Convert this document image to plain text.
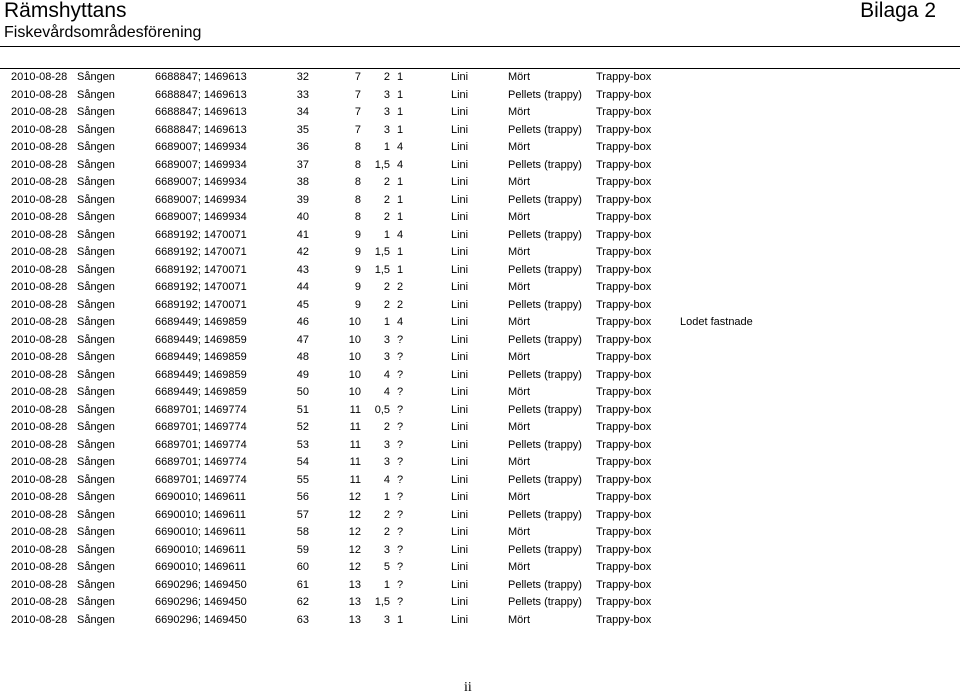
Rämshyttans
Fiskevårdsområdesförening
Bilaga 2
2010-08-28	Sången	6688847; 1469613	32	7	2	1	Lini	Mört	Trappy-box	
2010-08-28	Sången	6688847; 1469613	33	7	3	1	Lini	Pellets (trappy)	Trappy-box	
2010-08-28	Sången	6688847; 1469613	34	7	3	1	Lini	Mört	Trappy-box	
2010-08-28	Sången	6688847; 1469613	35	7	3	1	Lini	Pellets (trappy)	Trappy-box	
2010-08-28	Sången	6689007; 1469934	36	8	1	4	Lini	Mört	Trappy-box	
2010-08-28	Sången	6689007; 1469934	37	8	1,5	4	Lini	Pellets (trappy)	Trappy-box	
2010-08-28	Sången	6689007; 1469934	38	8	2	1	Lini	Mört	Trappy-box	
2010-08-28	Sången	6689007; 1469934	39	8	2	1	Lini	Pellets (trappy)	Trappy-box	
2010-08-28	Sången	6689007; 1469934	40	8	2	1	Lini	Mört	Trappy-box	
2010-08-28	Sången	6689192; 1470071	41	9	1	4	Lini	Pellets (trappy)	Trappy-box	
2010-08-28	Sången	6689192; 1470071	42	9	1,5	1	Lini	Mört	Trappy-box	
2010-08-28	Sången	6689192; 1470071	43	9	1,5	1	Lini	Pellets (trappy)	Trappy-box	
2010-08-28	Sången	6689192; 1470071	44	9	2	2	Lini	Mört	Trappy-box	
2010-08-28	Sången	6689192; 1470071	45	9	2	2	Lini	Pellets (trappy)	Trappy-box	
2010-08-28	Sången	6689449; 1469859	46	10	1	4	Lini	Mört	Trappy-box	Lodet fastnade
2010-08-28	Sången	6689449; 1469859	47	10	3	?	Lini	Pellets (trappy)	Trappy-box	
2010-08-28	Sången	6689449; 1469859	48	10	3	?	Lini	Mört	Trappy-box	
2010-08-28	Sången	6689449; 1469859	49	10	4	?	Lini	Pellets (trappy)	Trappy-box	
2010-08-28	Sången	6689449; 1469859	50	10	4	?	Lini	Mört	Trappy-box	
2010-08-28	Sången	6689701; 1469774	51	11	0,5	?	Lini	Pellets (trappy)	Trappy-box	
2010-08-28	Sången	6689701; 1469774	52	11	2	?	Lini	Mört	Trappy-box	
2010-08-28	Sången	6689701; 1469774	53	11	3	?	Lini	Pellets (trappy)	Trappy-box	
2010-08-28	Sången	6689701; 1469774	54	11	3	?	Lini	Mört	Trappy-box	
2010-08-28	Sången	6689701; 1469774	55	11	4	?	Lini	Pellets (trappy)	Trappy-box	
2010-08-28	Sången	6690010; 1469611	56	12	1	?	Lini	Mört	Trappy-box	
2010-08-28	Sången	6690010; 1469611	57	12	2	?	Lini	Pellets (trappy)	Trappy-box	
2010-08-28	Sången	6690010; 1469611	58	12	2	?	Lini	Mört	Trappy-box	
2010-08-28	Sången	6690010; 1469611	59	12	3	?	Lini	Pellets (trappy)	Trappy-box	
2010-08-28	Sången	6690010; 1469611	60	12	5	?	Lini	Mört	Trappy-box	
2010-08-28	Sången	6690296; 1469450	61	13	1	?	Lini	Pellets (trappy)	Trappy-box	
2010-08-28	Sången	6690296; 1469450	62	13	1,5	?	Lini	Pellets (trappy)	Trappy-box	
2010-08-28	Sången	6690296; 1469450	63	13	3	1	Lini	Mört	Trappy-box	
ii
